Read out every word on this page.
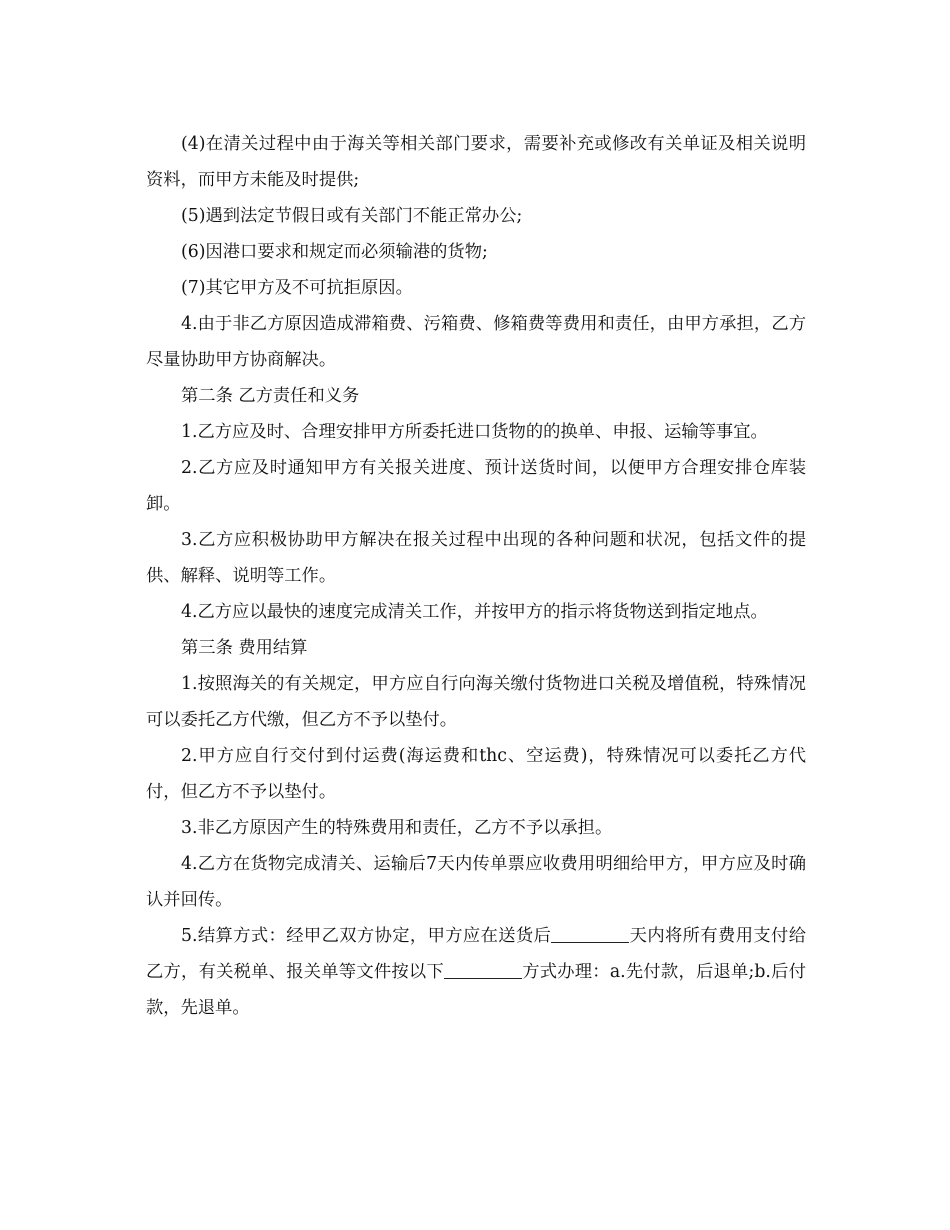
(4)在清关过程中由于海关等相关部门要求，需要补充或修改有关单证及相关说明资料，而甲方未能及时提供;

(5)遇到法定节假日或有关部门不能正常办公;

(6)因港口要求和规定而必须输港的货物;

(7)其它甲方及不可抗拒原因。

4.由于非乙方原因造成滞箱费、污箱费、修箱费等费用和责任，由甲方承担，乙方尽量协助甲方协商解决。

第二条 乙方责任和义务

1.乙方应及时、合理安排甲方所委托进口货物的的换单、申报、运输等事宜。

2.乙方应及时通知甲方有关报关进度、预计送货时间，以便甲方合理安排仓库装卸。

3.乙方应积极协助甲方解决在报关过程中出现的各种问题和状况，包括文件的提供、解释、说明等工作。

4.乙方应以最快的速度完成清关工作，并按甲方的指示将货物送到指定地点。

第三条 费用结算

1.按照海关的有关规定，甲方应自行向海关缴付货物进口关税及增值税，特殊情况可以委托乙方代缴，但乙方不予以垫付。

2.甲方应自行交付到付运费(海运费和thc、空运费)，特殊情况可以委托乙方代付，但乙方不予以垫付。

3.非乙方原因产生的特殊费用和责任，乙方不予以承担。

4.乙方在货物完成清关、运输后7天内传单票应收费用明细给甲方，甲方应及时确认并回传。

5.结算方式：经甲乙双方协定，甲方应在送货后	天内将所有费用支付给乙方，有关税单、报关单等文件按以下	方式办理：a.先付款，后退单;b.后付款，先退单。
